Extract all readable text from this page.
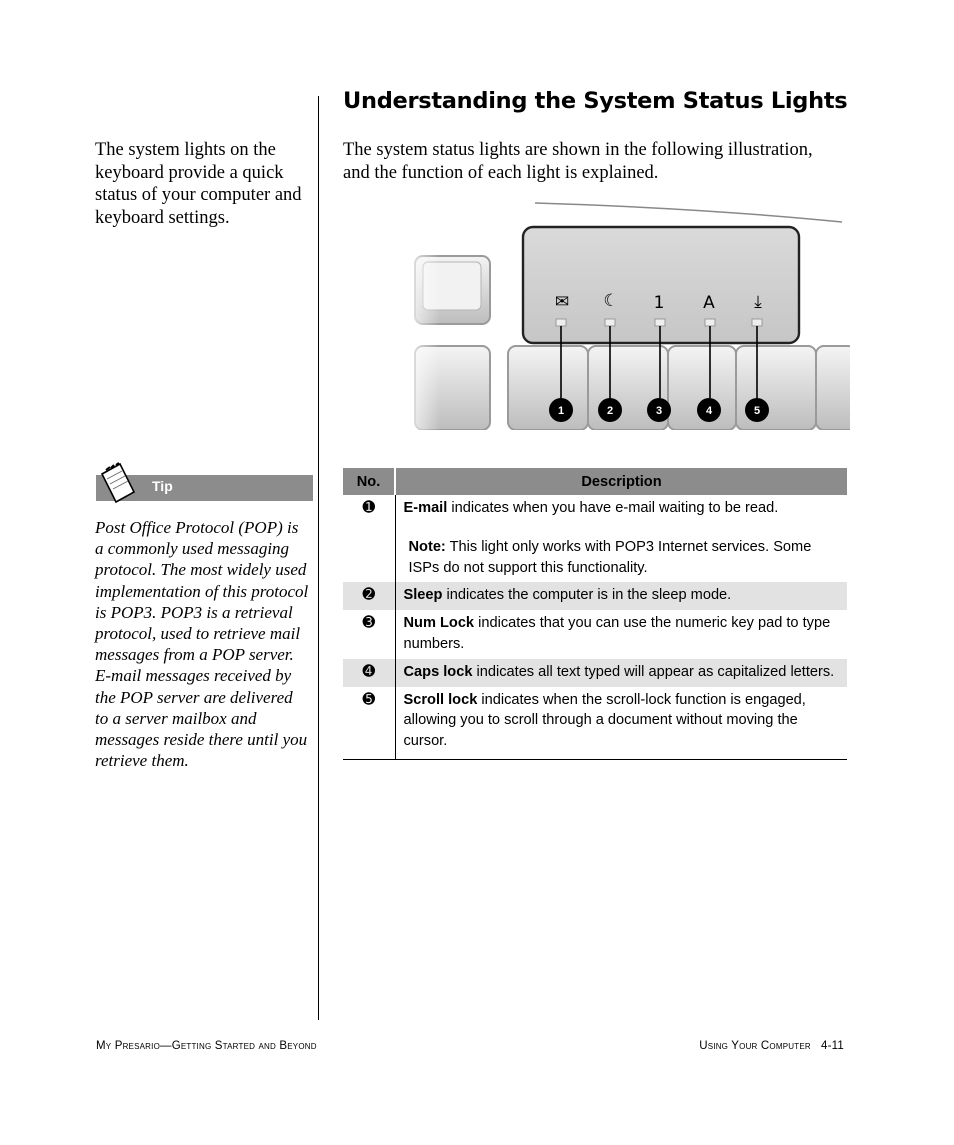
The system lights on the keyboard provide a quick status of your computer and keyboard settings.
Tip
Post Office Protocol (POP) is a commonly used messaging protocol. The most widely used implementation of this protocol is POP3. POP3 is a retrieval protocol, used to retrieve mail messages from a POP server. E-mail messages received by the POP server are delivered to a server mailbox and messages reside there until you retrieve them.
Understanding the System Status Lights
The system status lights are shown in the following illustration, and the function of each light is explained.
✉ ☾ 1 A ⤓
1	2	3	4	5
No.	Description
➊	E-mail indicates when you have e-mail waiting to be read.
Note: This light only works with POP3 Internet services. Some ISPs do not support this functionality.

➋	Sleep indicates the computer is in the sleep mode.
➌	Num Lock indicates that you can use the numeric key pad to type numbers.
➍	Caps lock indicates all text typed will appear as capitalized letters.
➎	Scroll lock indicates when the scroll-lock function is engaged, allowing you to scroll through a document without moving the cursor.
My Presario—Getting Started and Beyond	Using Your Computer 4-11
